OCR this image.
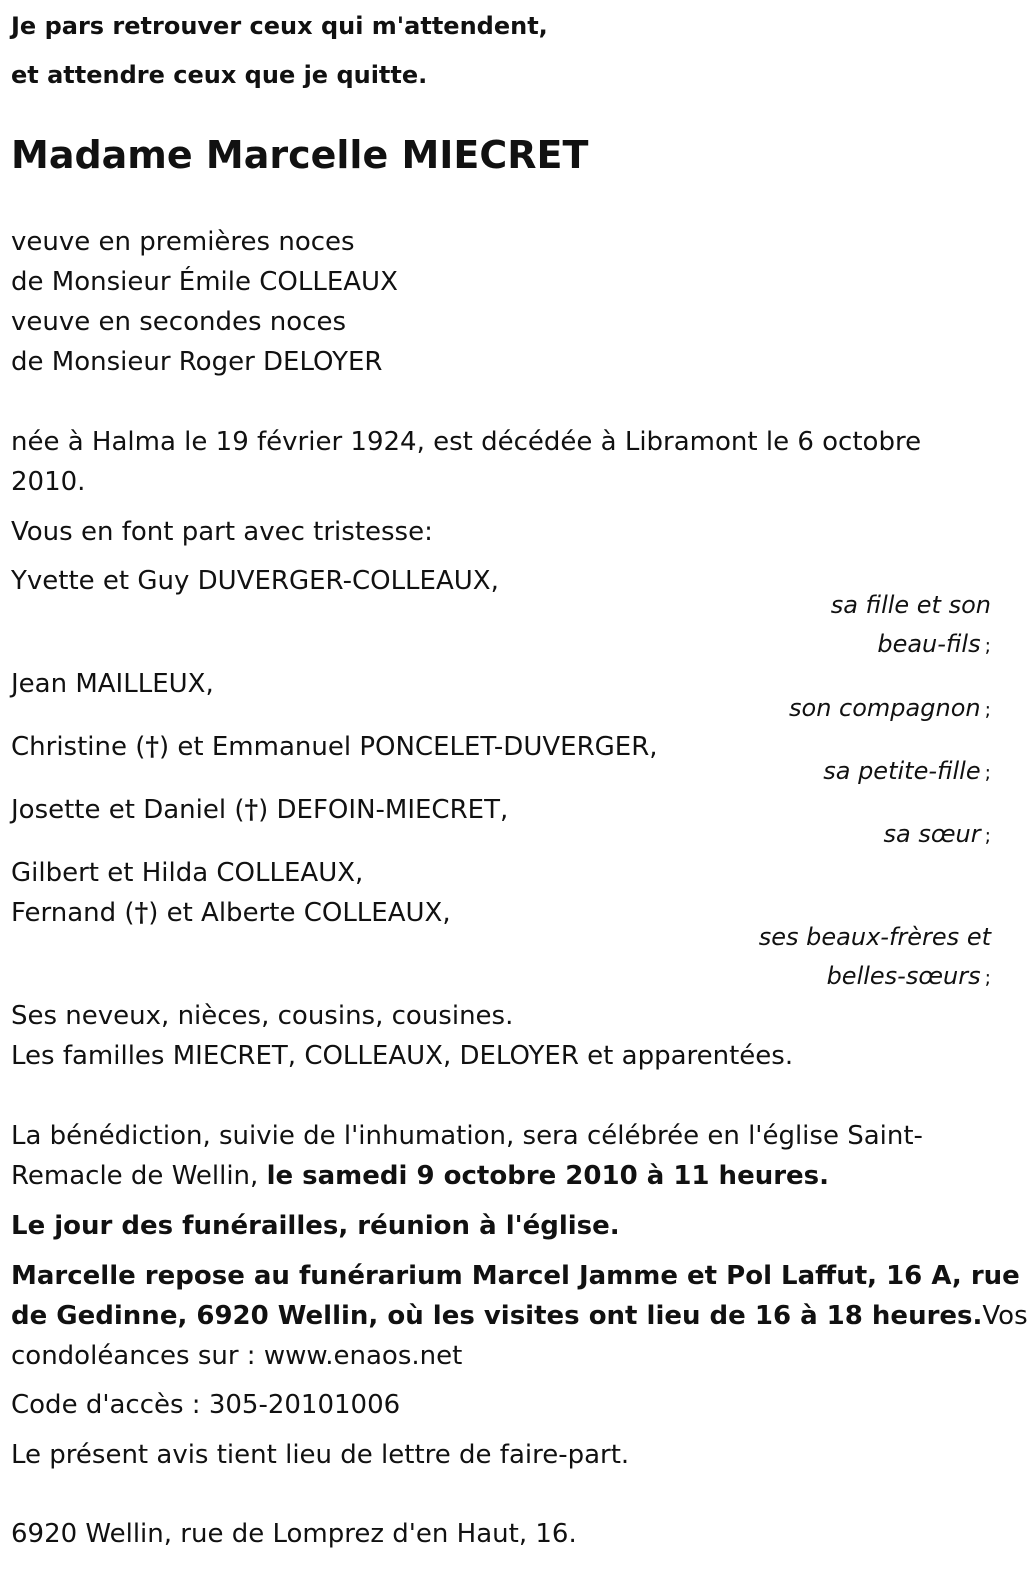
Je pars retrouver ceux qui m'attendent,
et attendre ceux que je quitte.
Madame Marcelle MIECRET
veuve en premières noces
de Monsieur Émile COLLEAUX
veuve en secondes noces
de Monsieur Roger DELOYER
née à Halma le 19 février 1924, est décédée à Libramont le 6 octobre
2010.
Vous en font part avec tristesse:
Yvette et Guy DUVERGER-COLLEAUX,
sa fille et son
beau-fils ;
Jean MAILLEUX,
son compagnon ;
Christine (†) et Emmanuel PONCELET-DUVERGER,
sa petite-fille ;
Josette et Daniel (†) DEFOIN-MIECRET,
sa sœur ;
Gilbert et Hilda COLLEAUX,
Fernand (†) et Alberte COLLEAUX,
ses beaux-frères et
belles-sœurs ;
Ses neveux, nièces, cousins, cousines.
Les familles MIECRET, COLLEAUX, DELOYER et apparentées.
La bénédiction, suivie de l'inhumation, sera célébrée en l'église Saint-
Remacle de Wellin, le samedi 9 octobre 2010 à 11 heures.
Le jour des funérailles, réunion à l'église.
Marcelle repose au funérarium Marcel Jamme et Pol Laffut, 16 A, rue
de Gedinne, 6920 Wellin, où les visites ont lieu de 16 à 18 heures.Vos
condoléances sur : www.enaos.net
Code d'accès : 305-20101006
Le présent avis tient lieu de lettre de faire-part.
6920 Wellin, rue de Lomprez d'en Haut, 16.
